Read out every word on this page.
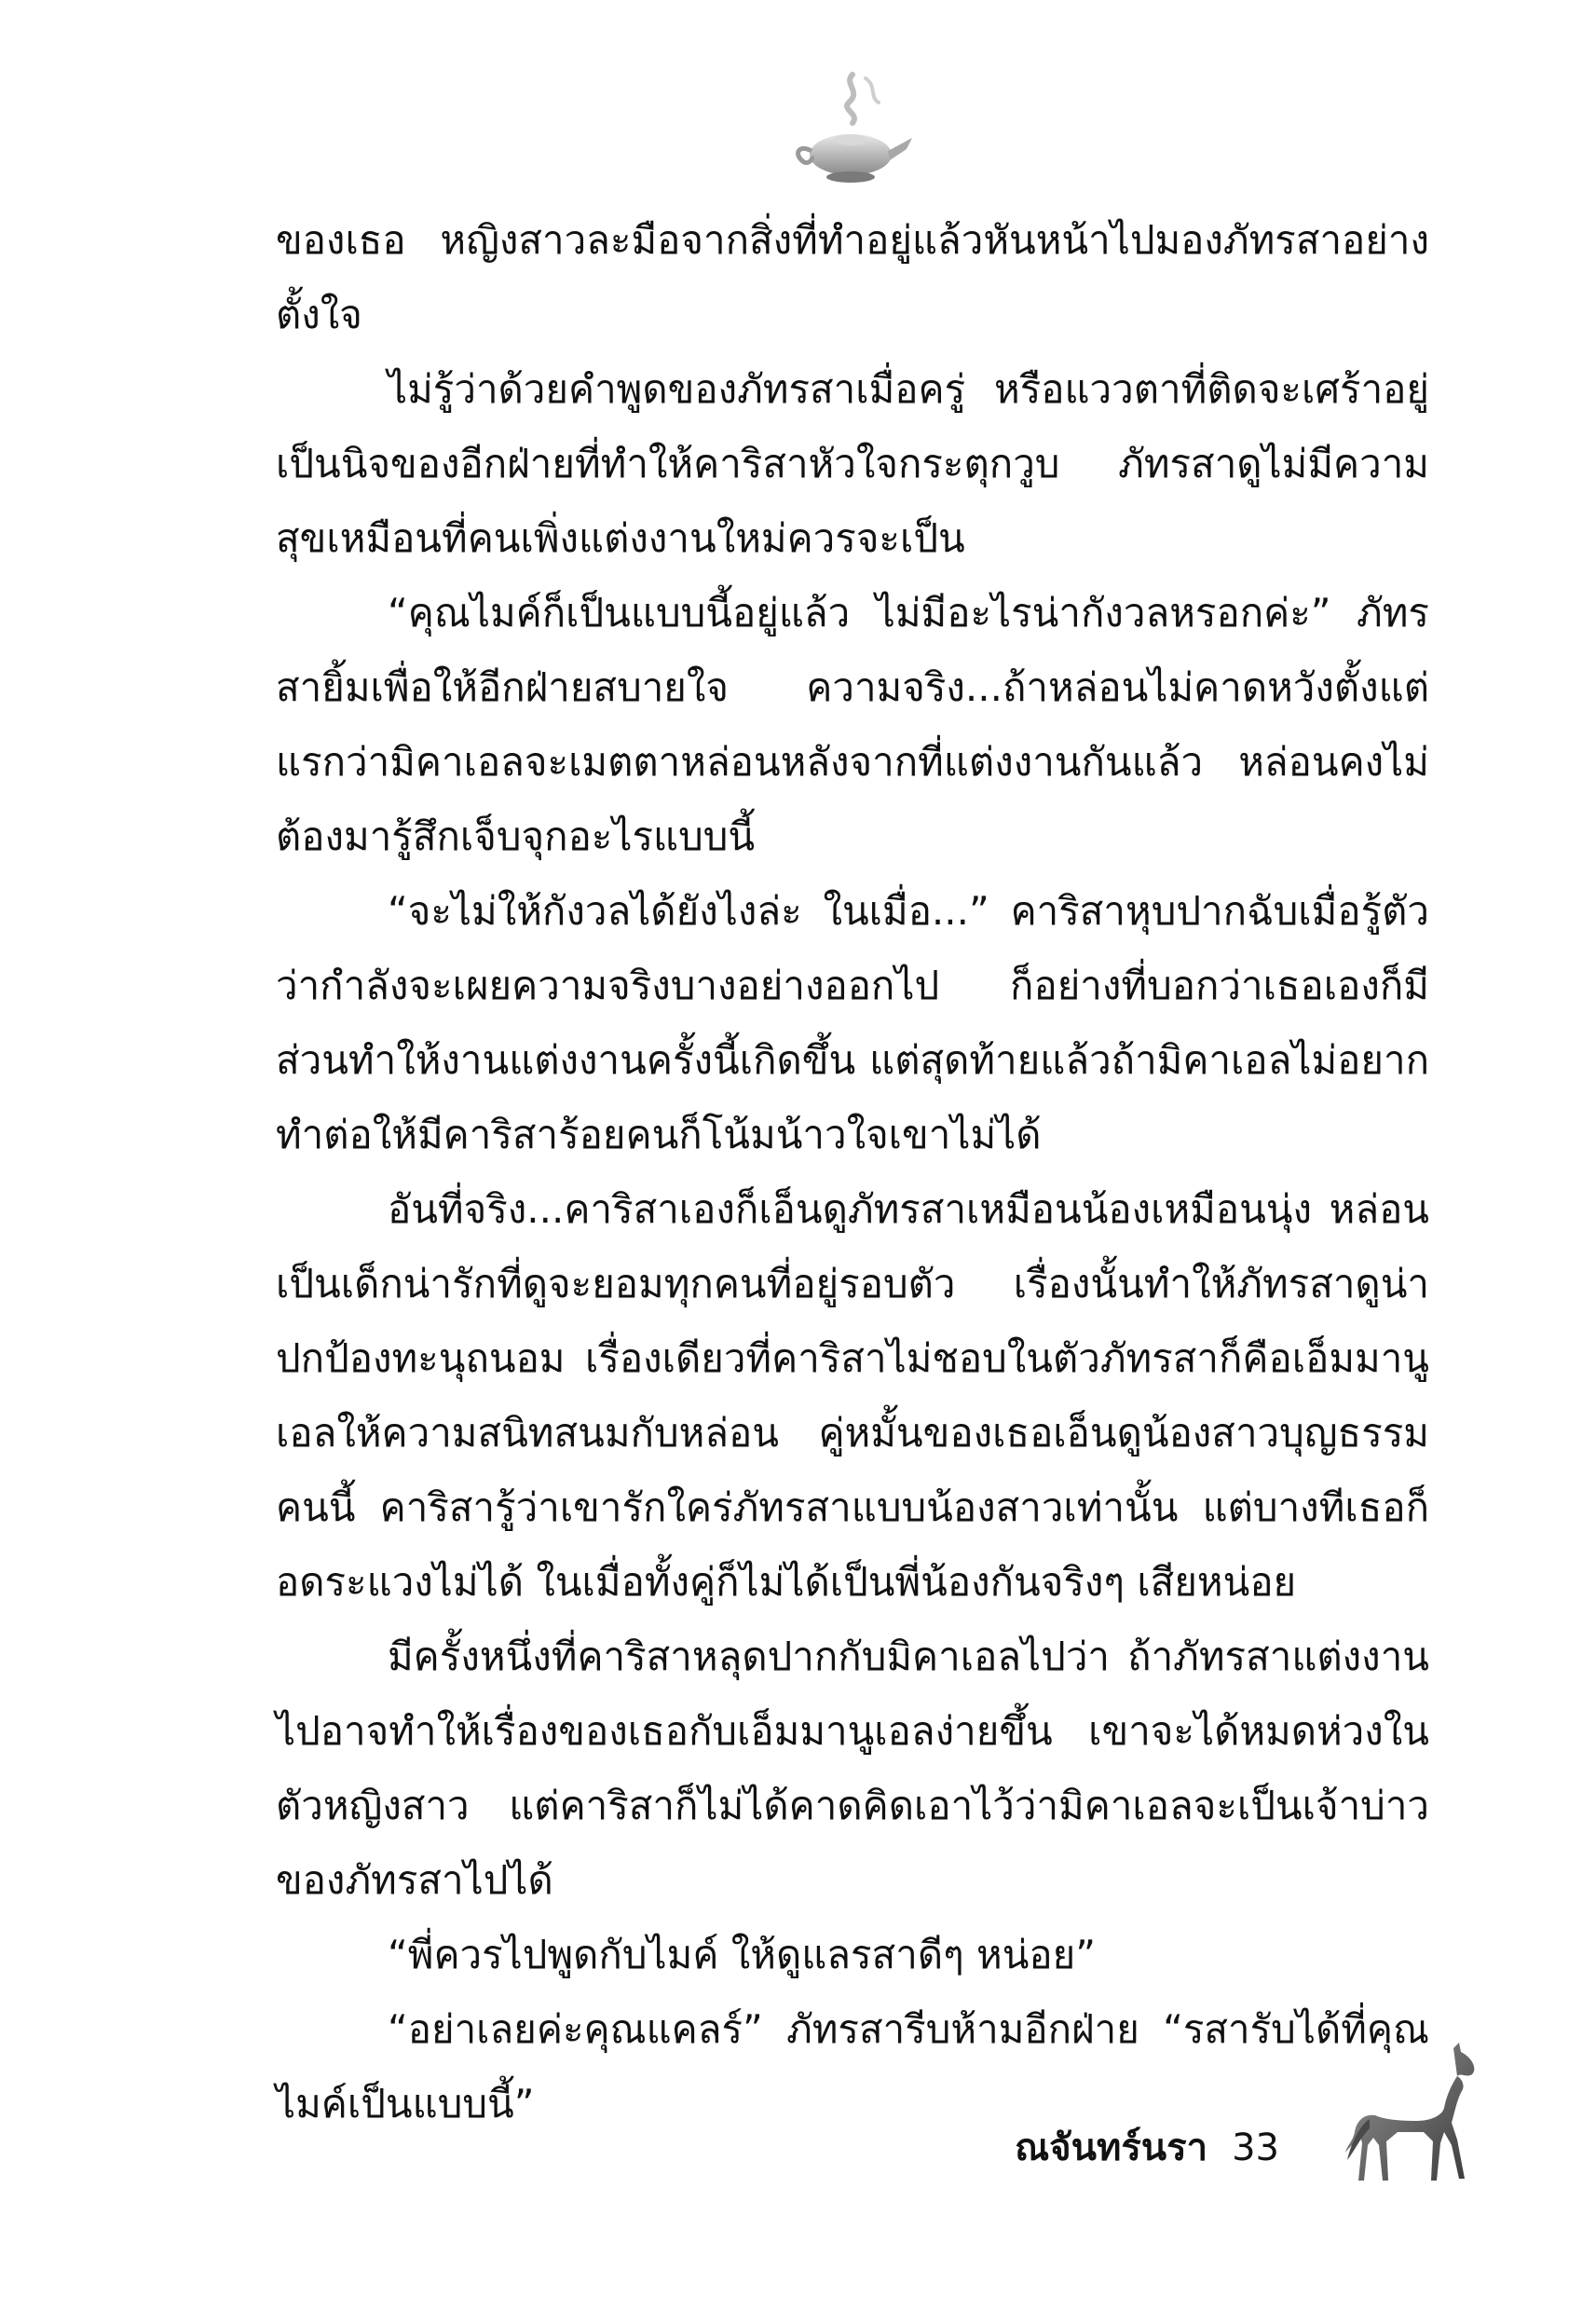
ของเธอ หญิงสาวละมือจากสิ่งที่ทำอยู่แล้วหันหน้าไปมองภัทรสาอย่างตั้งใจ

ไม่รู้ว่าด้วยคำพูดของภัทรสาเมื่อครู่ หรือแววตาที่ติดจะเศร้าอยู่เป็นนิจของอีกฝ่ายที่ทำให้คาริสาหัวใจกระตุกวูบ ภัทรสาดูไม่มีความสุขเหมือนที่คนเพิ่งแต่งงานใหม่ควรจะเป็น

“คุณไมค์ก็เป็นแบบนี้อยู่แล้ว ไม่มีอะไรน่ากังวลหรอกค่ะ” ภัทรสายิ้มเพื่อให้อีกฝ่ายสบายใจ ความจริง...ถ้าหล่อนไม่คาดหวังตั้งแต่แรกว่ามิคาเอลจะเมตตาหล่อนหลังจากที่แต่งงานกันแล้ว หล่อนคงไม่ต้องมารู้สึกเจ็บจุกอะไรแบบนี้

“จะไม่ให้กังวลได้ยังไงล่ะ ในเมื่อ...” คาริสาหุบปากฉับเมื่อรู้ตัวว่ากำลังจะเผยความจริงบางอย่างออกไป ก็อย่างที่บอกว่าเธอเองก็มีส่วนทำให้งานแต่งงานครั้งนี้เกิดขึ้น แต่สุดท้ายแล้วถ้ามิคาเอลไม่อยากทำต่อให้มีคาริสาร้อยคนก็โน้มน้าวใจเขาไม่ได้

อันที่จริง...คาริสาเองก็เอ็นดูภัทรสาเหมือนน้องเหมือนนุ่ง หล่อนเป็นเด็กน่ารักที่ดูจะยอมทุกคนที่อยู่รอบตัว เรื่องนั้นทำให้ภัทรสาดูน่าปกป้องทะนุถนอม เรื่องเดียวที่คาริสาไม่ชอบในตัวภัทรสาก็คือเอ็มมานูเอลให้ความสนิทสนมกับหล่อน คู่หมั้นของเธอเอ็นดูน้องสาวบุญธรรมคนนี้ คาริสารู้ว่าเขารักใคร่ภัทรสาแบบน้องสาวเท่านั้น แต่บางทีเธอก็อดระแวงไม่ได้ ในเมื่อทั้งคู่ก็ไม่ได้เป็นพี่น้องกันจริงๆ เสียหน่อย

มีครั้งหนึ่งที่คาริสาหลุดปากกับมิคาเอลไปว่า ถ้าภัทรสาแต่งงานไปอาจทำให้เรื่องของเธอกับเอ็มมานูเอลง่ายขึ้น เขาจะได้หมดห่วงในตัวหญิงสาว แต่คาริสาก็ไม่ได้คาดคิดเอาไว้ว่ามิคาเอลจะเป็นเจ้าบ่าวของภัทรสาไปได้

“พี่ควรไปพูดกับไมค์ ให้ดูแลรสาดีๆ หน่อย”

“อย่าเลยค่ะคุณแคลร์” ภัทรสารีบห้ามอีกฝ่าย “รสารับได้ที่คุณไมค์เป็นแบบนี้”

ณจันทร์นรา 33
